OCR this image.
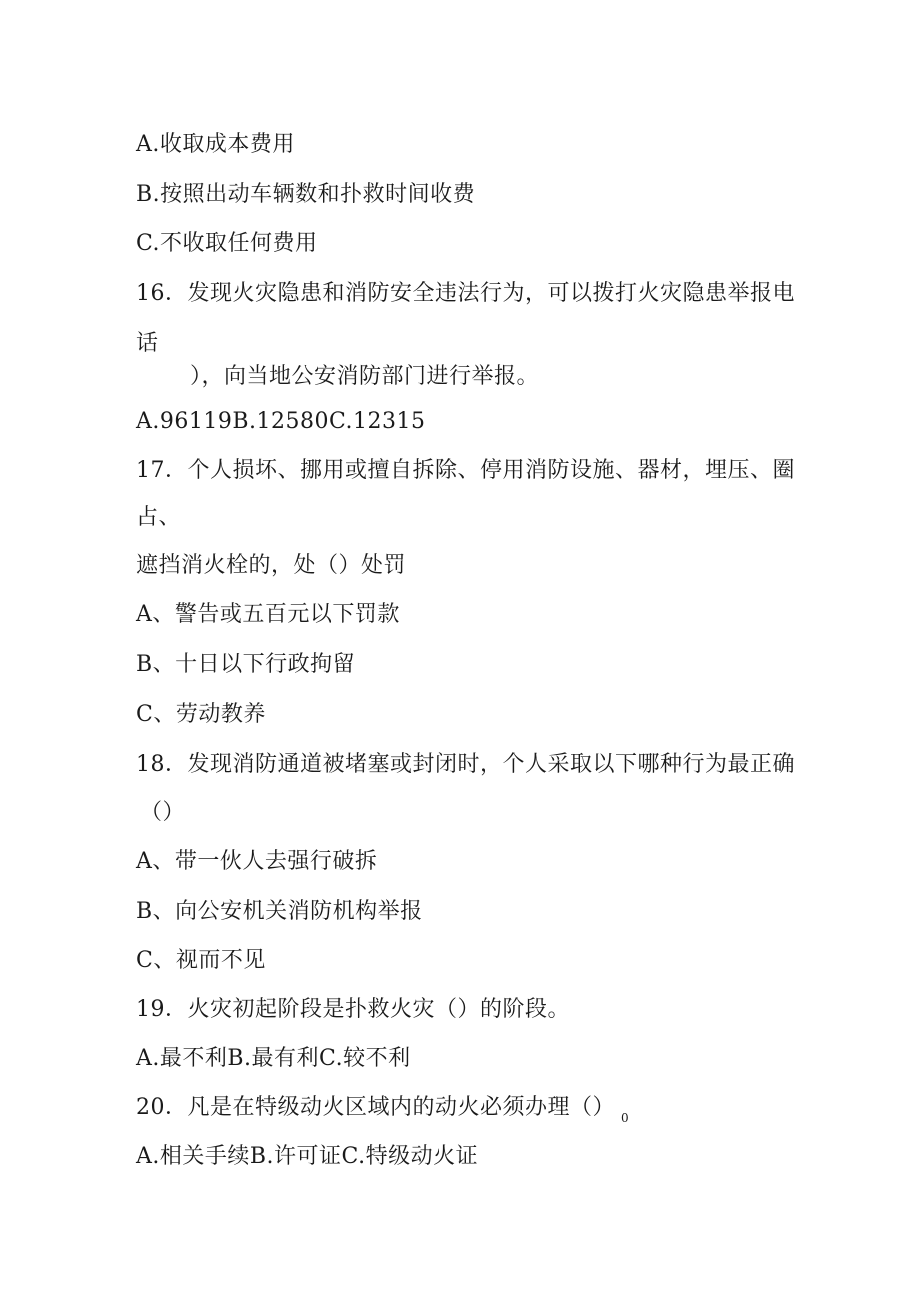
A.收取成本费用
B.按照出动车辆数和扑救时间收费
C.不收取任何费用
16．发现火灾隐患和消防安全违法行为，可以拨打火灾隐患举报电
话
），向当地公安消防部门进行举报。
A.96119B.12580C.12315
17．个人损坏、挪用或擅自拆除、停用消防设施、器材，埋压、圈
占、
遮挡消火栓的，处（）处罚
A、警告或五百元以下罚款
B、十日以下行政拘留
C、劳动教养
18．发现消防通道被堵塞或封闭时，个人采取以下哪种行为最正确
（）
A、带一伙人去强行破拆
B、向公安机关消防机构举报
C、视而不见
19．火灾初起阶段是扑救火灾（）的阶段。
A.最不利B.最有利C.较不利
20．凡是在特级动火区域内的动火必须办理（） $_0$
A.相关手续B.许可证C.特级动火证
